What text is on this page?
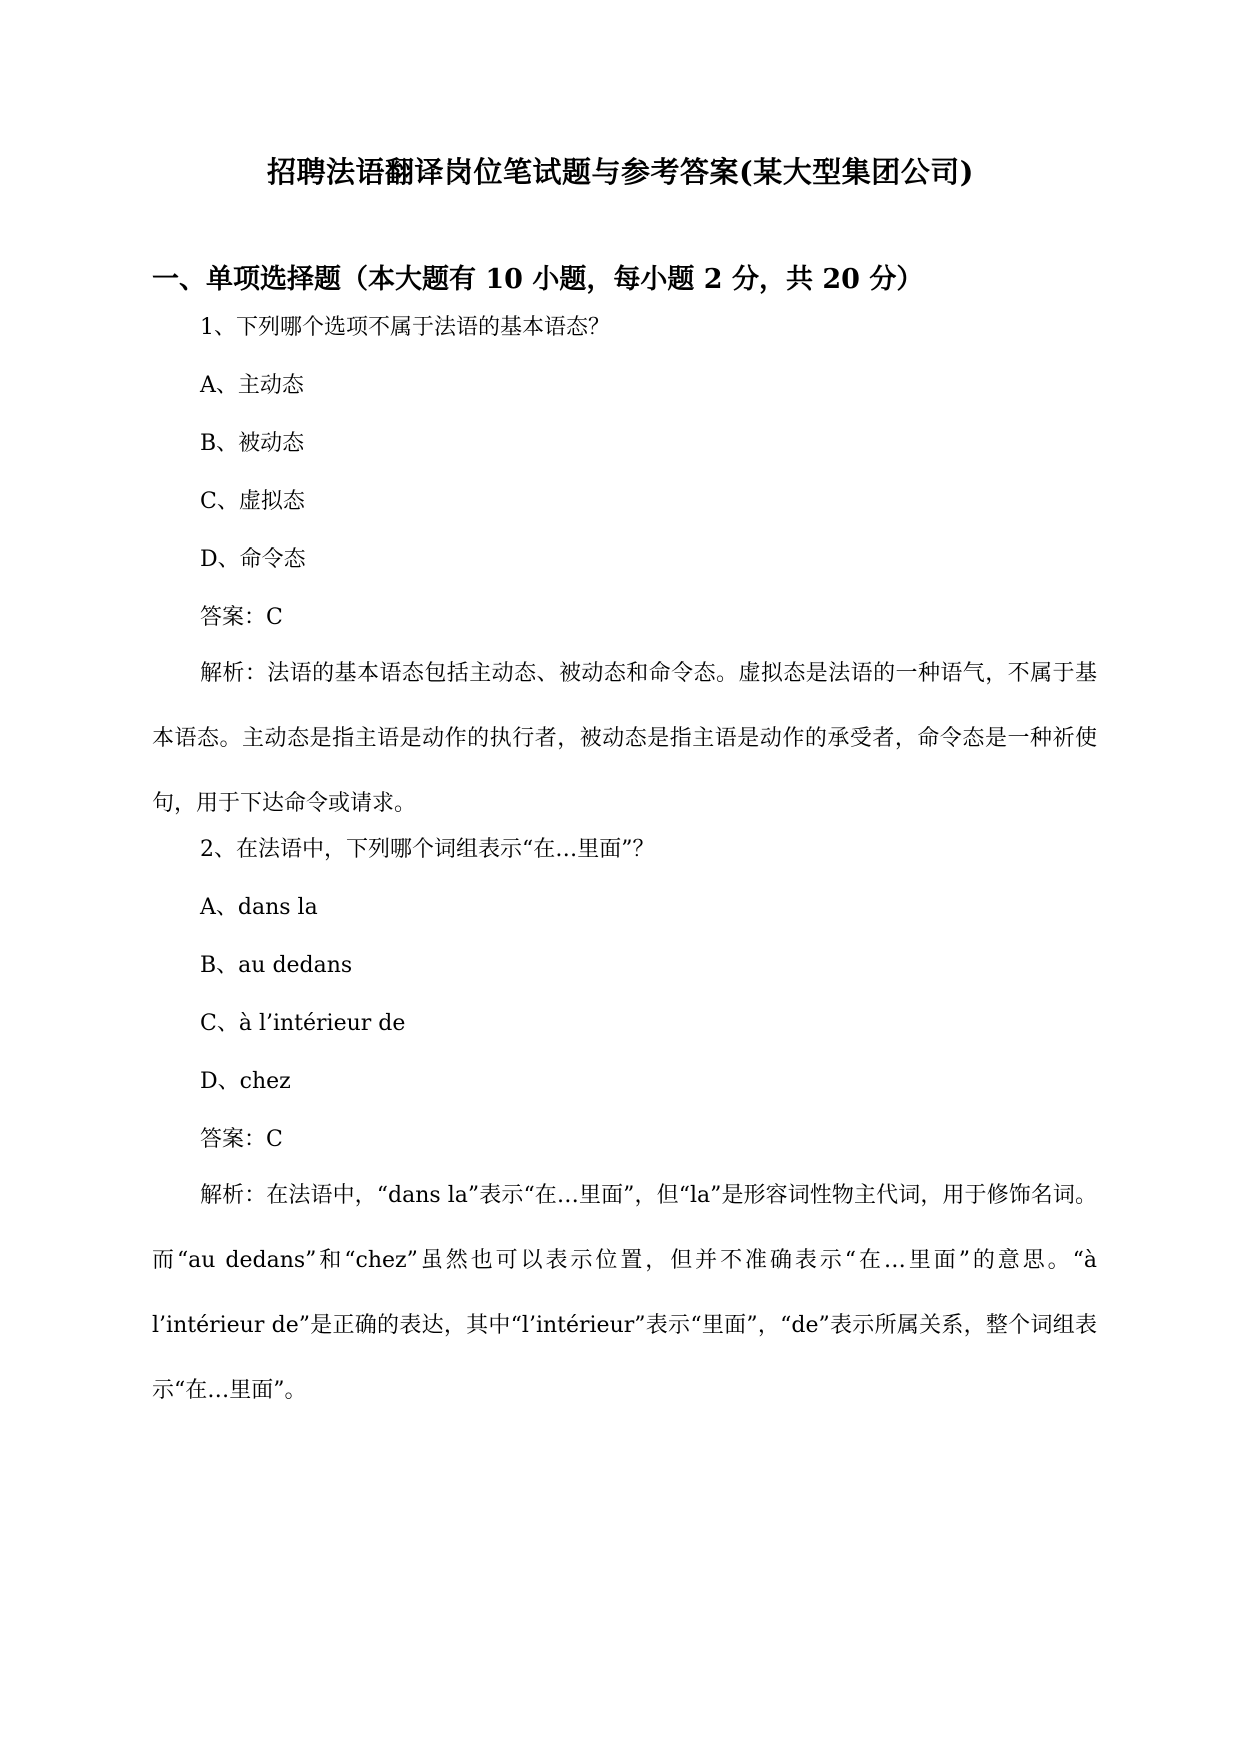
招聘法语翻译岗位笔试题与参考答案(某大型集团公司)
一、单项选择题（本大题有 10 小题，每小题 2 分，共 20 分）
1、下列哪个选项不属于法语的基本语态？
A、主动态
B、被动态
C、虚拟态
D、命令态
答案：C
解析：法语的基本语态包括主动态、被动态和命令态。虚拟态是法语的一种语气，不属于基本语态。主动态是指主语是动作的执行者，被动态是指主语是动作的承受者，命令态是一种祈使句，用于下达命令或请求。
2、在法语中，下列哪个词组表示“在…里面”？
A、dans la
B、au dedans
C、à l’intérieur de
D、chez
答案：C
解析：在法语中，“dans la”表示“在…里面”，但“la”是形容词性物主代词，用于修饰名词。而“au dedans”和“chez”虽然也可以表示位置，但并不准确表示“在…里面”的意思。“à l’intérieur de”是正确的表达，其中“l’intérieur”表示“里面”，“de”表示所属关系，整个词组表示“在…里面”。
